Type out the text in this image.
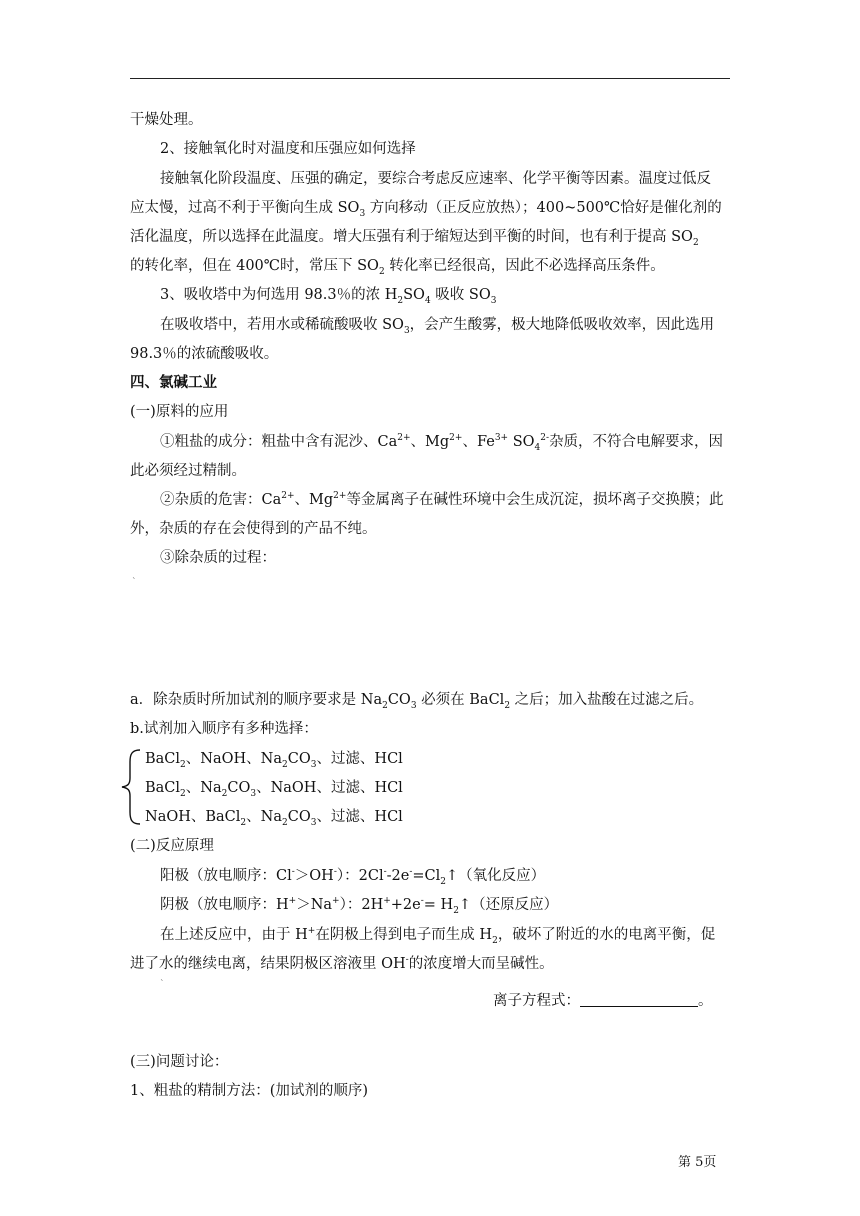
干燥处理。
2、接触氧化时对温度和压强应如何选择
接触氧化阶段温度、压强的确定，要综合考虑反应速率、化学平衡等因素。温度过低反
应太慢，过高不利于平衡向生成 $SO_3$ 方向移动（正反应放热）；400~500℃恰好是催化剂的
活化温度，所以选择在此温度。增大压强有利于缩短达到平衡的时间，也有利于提高 $SO_2$
的转化率，但在 400℃时，常压下 $SO_2$ 转化率已经很高，因此不必选择高压条件。
3、吸收塔中为何选用 98.3％的浓 $H_2SO_4$ 吸收 $SO_3$
在吸收塔中，若用水或稀硫酸吸收 $SO_3$，会产生酸雾，极大地降低吸收效率，因此选用
98.3％的浓硫酸吸收。
四、氯碱工业
(一)原料的应用
①粗盐的成分：粗盐中含有泥沙、$Ca^{2+}$、$Mg^{2+}$、$Fe^{3+}$ $SO_4^{2-}$杂质，不符合电解要求，因
此必须经过精制。
②杂质的危害：$Ca^{2+}$、$Mg^{2+}$等金属离子在碱性环境中会生成沉淀，损坏离子交换膜；此
外，杂质的存在会使得到的产品不纯。
③除杂质的过程：
`
a．除杂质时所加试剂的顺序要求是 $Na_2CO_3$ 必须在 BaCl$_2$ 之后；加入盐酸在过滤之后。
b.试剂加入顺序有多种选择：
BaCl$_2$、NaOH、$Na_2CO_3$、过滤、HCl
BaCl$_2$、$Na_2CO_3$、NaOH、过滤、HCl
NaOH、BaCl$_2$、$Na_2CO_3$、过滤、HCl
(二)反应原理
阳极（放电顺序：Cl-＞OH-）：$2Cl^--2e^-=Cl_2↑$（氧化反应）
阴极（放电顺序：H+＞Na+）：$2H^++2e^-= H_2↑$（还原反应）
在上述反应中，由于 H+在阴极上得到电子而生成 $H_2$，破坏了附近的水的电离平衡，促
进了水的继续电离，结果阴极区溶液里 OH-的浓度增大而呈碱性。
`
离子方程式：	。
(三)问题讨论：
1、粗盐的精制方法：(加试剂的顺序)
第 5页
